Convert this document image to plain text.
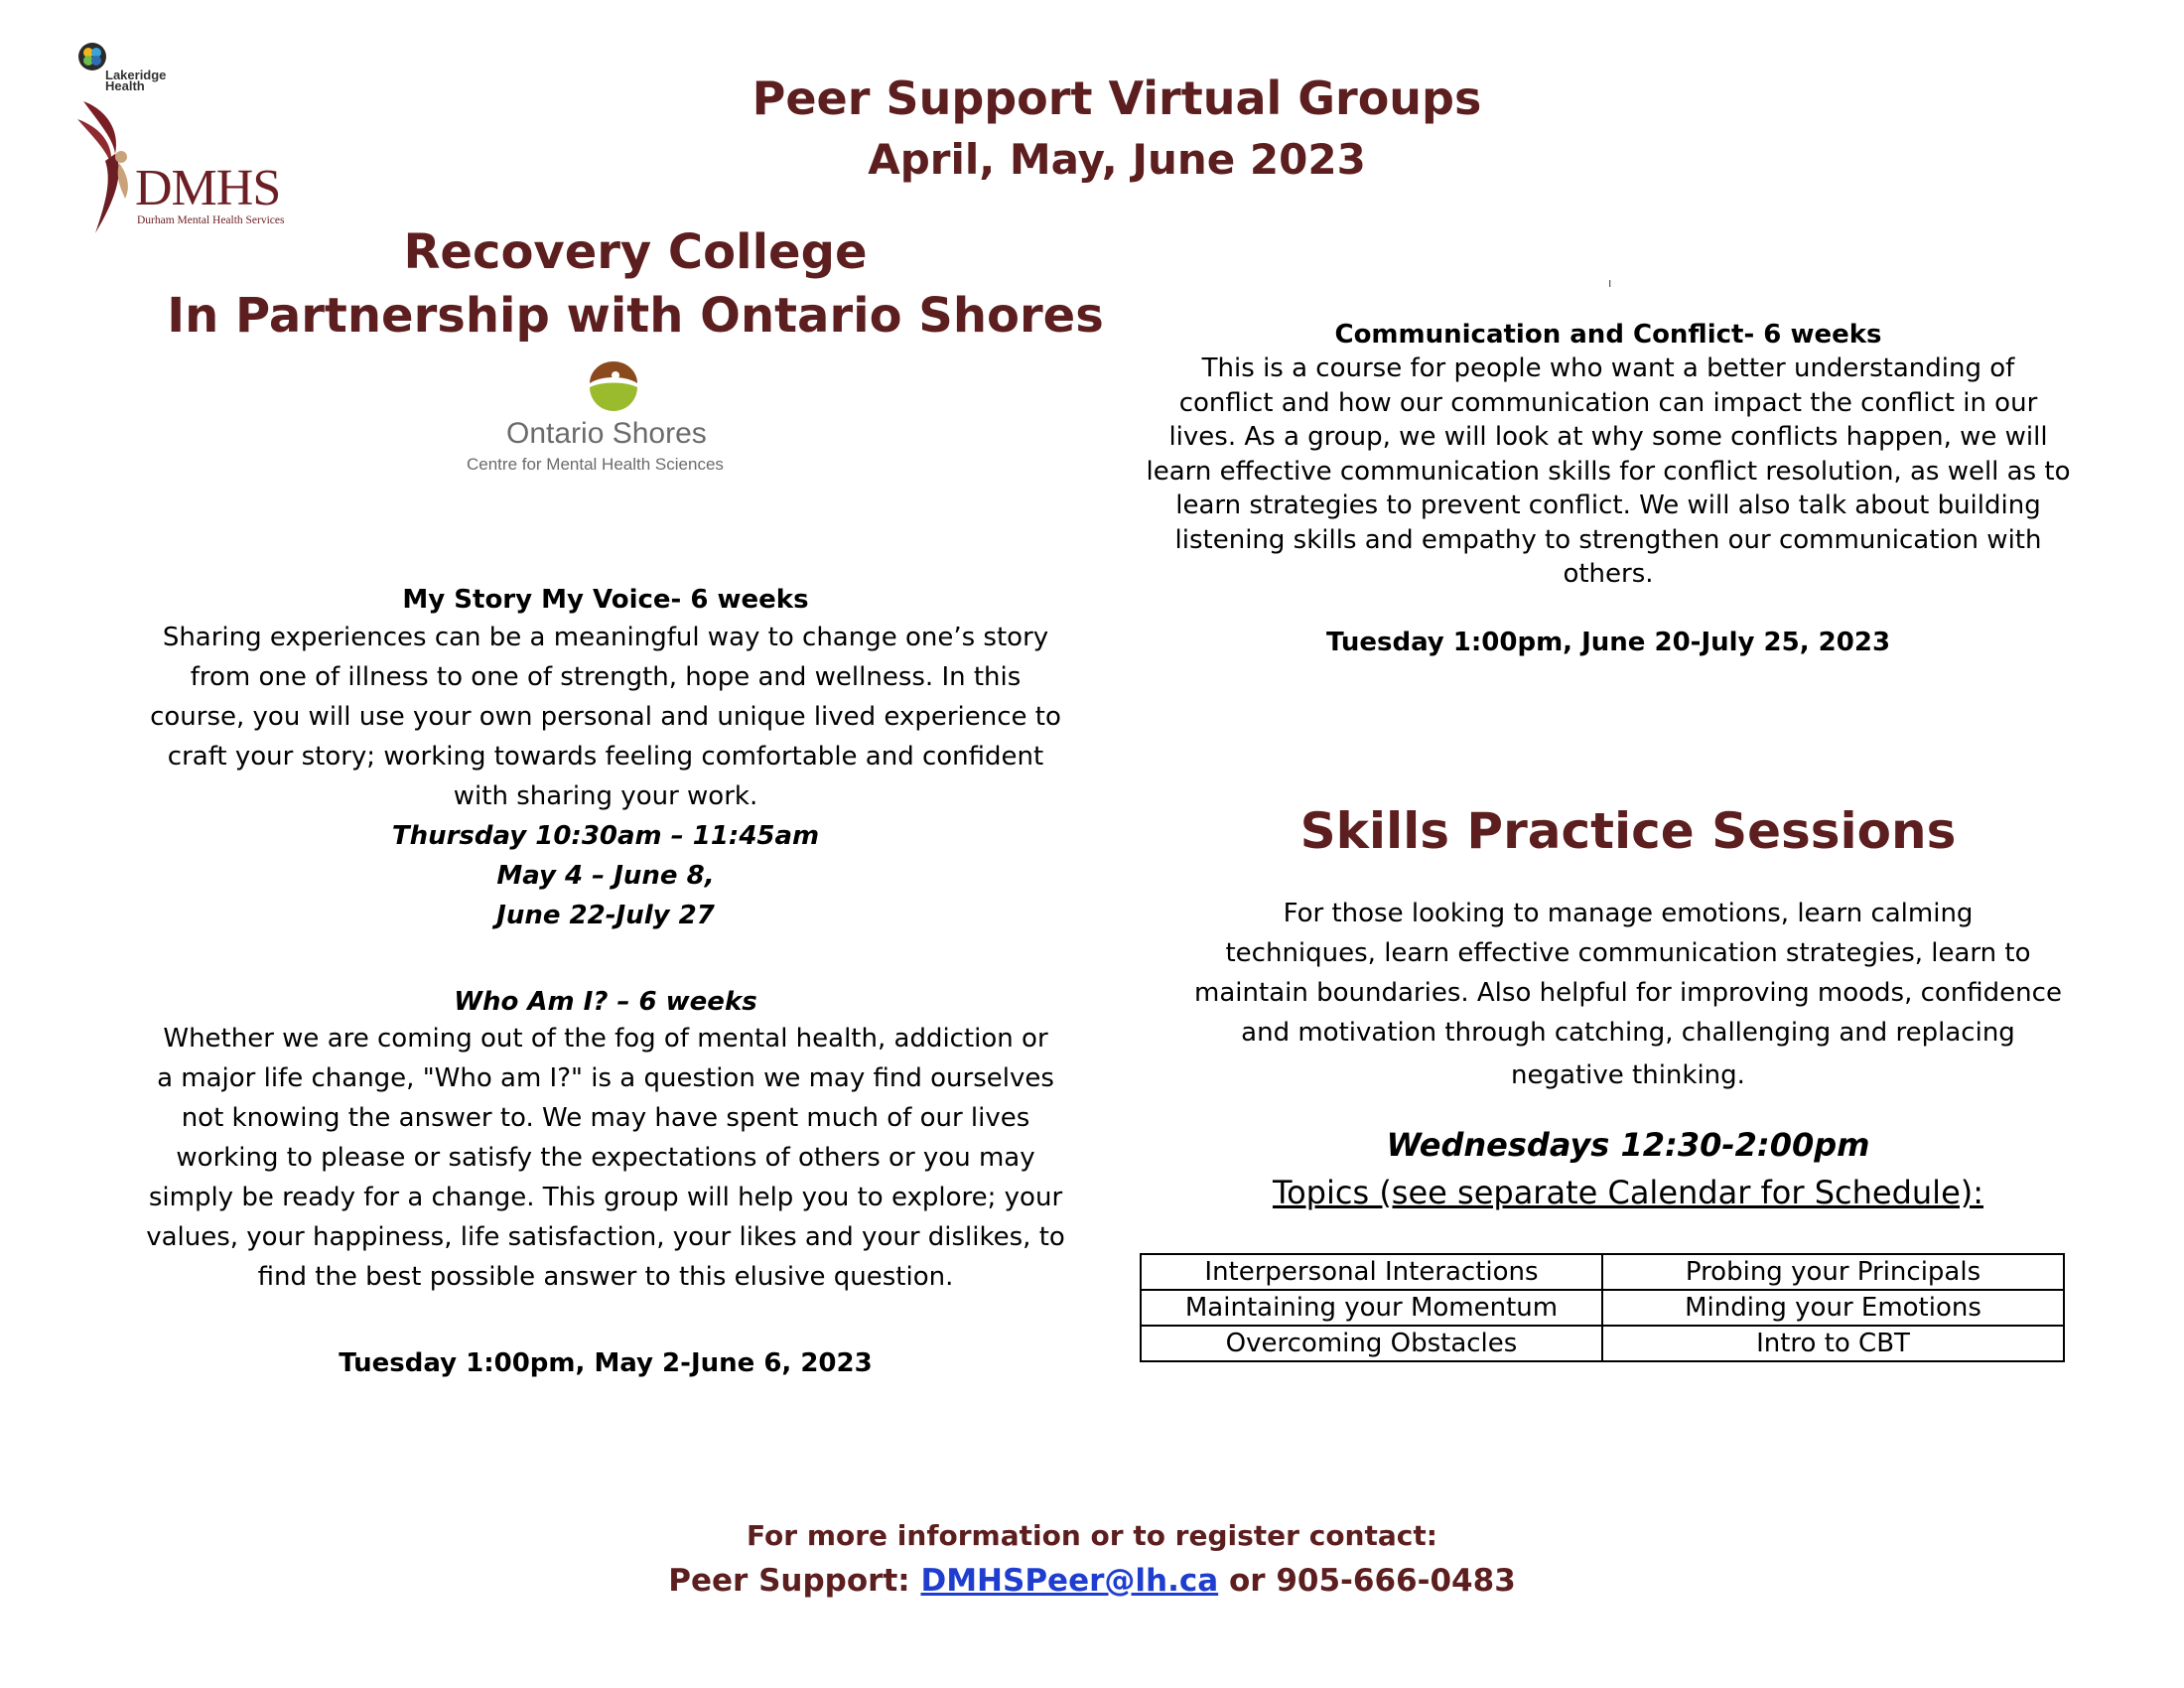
Lakeridge Health
DMHS
Durham Mental Health Services
Peer Support Virtual Groups
April, May, June 2023
Recovery College
In Partnership with Ontario Shores
Ontario Shores
Centre for Mental Health Sciences
My Story My Voice- 6 weeks
Sharing experiences can be a meaningful way to change one’s story
from one of illness to one of strength, hope and wellness. In this
course, you will use your own personal and unique lived experience to
craft your story; working towards feeling comfortable and confident
with sharing your work.
Thursday 10:30am – 11:45am
May 4 – June 8,
June 22-July 27
Who Am I? – 6 weeks
Whether we are coming out of the fog of mental health, addiction or
a major life change, "Who am I?" is a question we may find ourselves
not knowing the answer to. We may have spent much of our lives
working to please or satisfy the expectations of others or you may
simply be ready for a change. This group will help you to explore; your
values, your happiness, life satisfaction, your likes and your dislikes, to
find the best possible answer to this elusive question.
Tuesday 1:00pm, May 2-June 6, 2023
ı
Communication and Conflict- 6 weeks
This is a course for people who want a better understanding of
conflict and how our communication can impact the conflict in our
lives. As a group, we will look at why some conflicts happen, we will
learn effective communication skills for conflict resolution, as well as to
learn strategies to prevent conflict. We will also talk about building
listening skills and empathy to strengthen our communication with
others.
Tuesday 1:00pm, June 20-July 25, 2023
Skills Practice Sessions
For those looking to manage emotions, learn calming
techniques, learn effective communication strategies, learn to
maintain boundaries. Also helpful for improving moods, confidence
and motivation through catching, challenging and replacing
negative thinking.
Wednesdays 12:30-2:00pm
Topics (see separate Calendar for Schedule):
Interpersonal Interactions	Probing your Principals
Maintaining your Momentum	Minding your Emotions
Overcoming Obstacles	Intro to CBT
For more information or to register contact:
Peer Support: DMHSPeer@lh.ca or 905-666-0483
